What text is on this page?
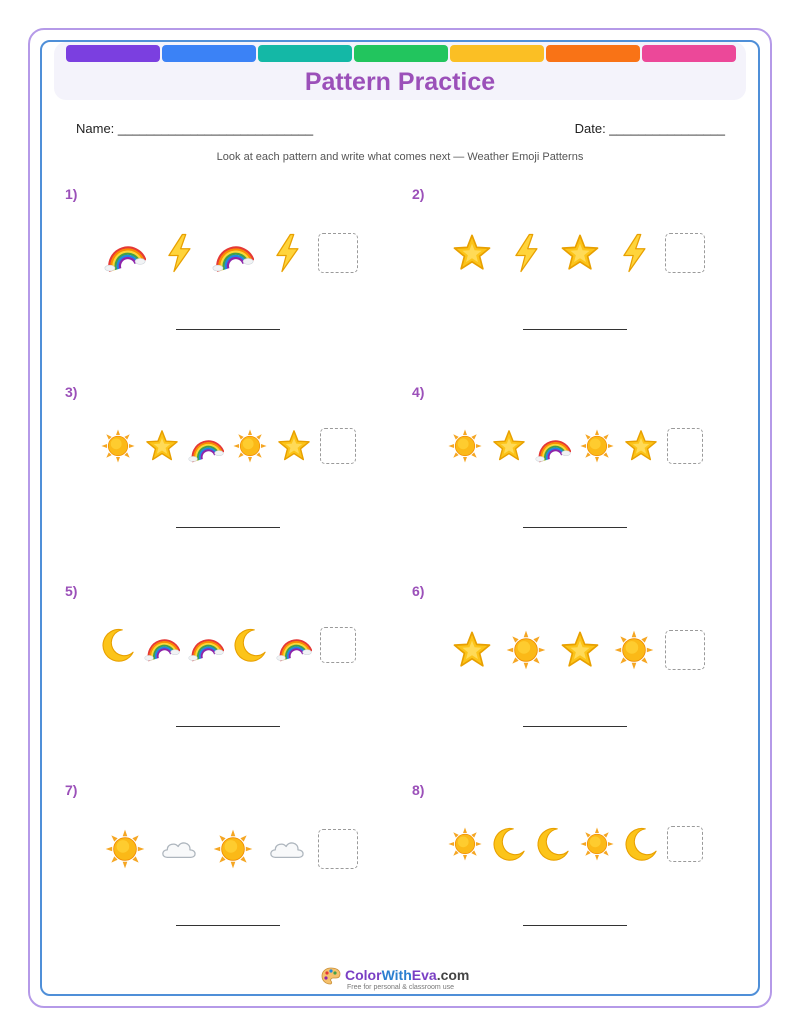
Pattern Practice
Name: ___________________________	Date: ________________
Look at each pattern and write what comes next — Weather Emoji Patterns
1)	2)
3)	4)
5)	6)
7)	8)
ColorWithEva.com
Free for personal & classroom use
